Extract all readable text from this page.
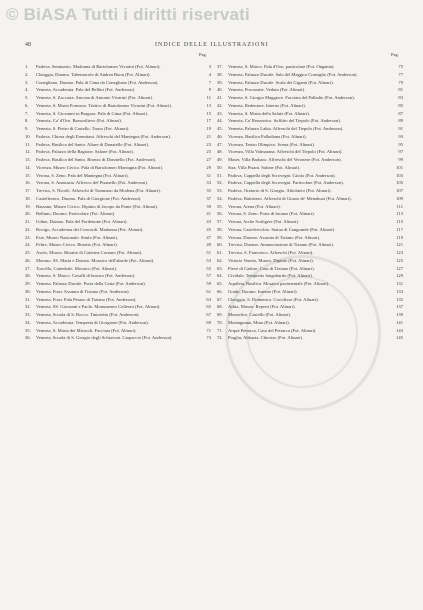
© BiASA Tutti i diritti riservati
48	INDICE DELLE ILLUSTRAZIONI
Pag.	Pag.
1.	Padova, Seminario. Madonna di Bartolomeo Vivarini (Fot. Alinari).	3
2.	Chioggia, Duomo. Tabernacolo di Andrea Buon (Fot. Alinari).	4
3.	Conegliano, Duomo. Pala di Cima da Conegliano (Fot. Anderson).	7
4.	Venezia, Accademia. Pala del Bellini (Fot. Anderson).	9
5.	Venezia, S. Zaccaria. Ancona di Antonio Vivarini (Fot. Alinari).	11
6.	Venezia, S. Maria Formosa. Trittico di Bartolomeo Vivarini (Fot. Alinari).	13
7.	Venezia, S. Giovanni in Bragora. Pala di Cima (Fot. Alinari).	15
8.	Venezia, Ca' d'Oro. Bassorilievo (Fot. Alinari).	17
9.	Venezia, S. Pietro di Castello. Trono (Fot. Alinari).	19
10.	Padova, Chiesa degli Eremitani. Affreschi del Mantegna (Fot. Anderson).	21
11.	Padova, Basilica del Santo. Altare di Donatello (Fot. Alinari).	23
12.	Padova, Palazzo della Ragione. Salone (Fot. Alinari).	25
13.	Padova, Basilica del Santo. Bronzo di Donatello (Fot. Anderson).	27
14.	Vicenza, Museo Civico. Pala di Bartolomeo Montagna (Fot. Alinari).	29
15.	Verona, S. Zeno. Pala del Mantegna (Fot. Alinari).	31
16.	Verona, S. Anastasia. Affresco del Pisanello (Fot. Anderson).	33
17.	Treviso, S. Nicolò. Affreschi di Tommaso da Modena (Fot. Alinari).	35
18.	Castelfranco, Duomo. Pala di Giorgione (Fot. Anderson).	37
19.	Bassano, Museo Civico. Dipinto di Jacopo da Ponte (Fot. Alinari).	39
20.	Belluno, Duomo. Particolare (Fot. Alinari).	41
21.	Udine, Duomo. Pala del Pordenone (Fot. Alinari).	43
22.	Rovigo, Accademia dei Concordi. Madonna (Fot. Alinari).	45
23.	Este, Museo Nazionale. Situla (Fot. Alinari).	47
24.	Feltre, Museo Civico. Ritratto (Fot. Alinari).	49
25.	Asolo, Museo. Ritratto di Caterina Cornaro (Fot. Alinari).	51
26.	Murano, SS. Maria e Donato. Mosaico dell'abside (Fot. Alinari).	53
27.	Torcello, Cattedrale. Mosaico (Fot. Alinari).	55
28.	Venezia, S. Marco. Cavalli di bronzo (Fot. Anderson).	57
29.	Venezia, Palazzo Ducale. Porta della Carta (Fot. Anderson).	59
30.	Venezia, Frari. Assunta di Tiziano (Fot. Anderson).	61
31.	Venezia, Frari. Pala Pesaro di Tiziano (Fot. Anderson).	63
32.	Venezia, SS. Giovanni e Paolo. Monumento Colleoni (Fot. Alinari).	65
33.	Venezia, Scuola di S. Rocco. Tintoretto (Fot. Anderson).	67
34.	Venezia, Accademia. Tempesta di Giorgione (Fot. Anderson).	69
35.	Venezia, S. Maria dei Miracoli. Facciata (Fot. Alinari).	71
36.	Venezia, Scuola di S. Giorgio degli Schiavoni. Carpaccio (Fot. Anderson).	73
37.	Venezia, S. Marco. Pala d'Oro, particolare (Fot. Ongania).	75
38.	Venezia, Palazzo Ducale. Sala del Maggior Consiglio (Fot. Anderson).	77
39.	Venezia, Palazzo Ducale. Scala dei Giganti (Fot. Alinari).	79
40.	Venezia, Procuratie. Veduta (Fot. Alinari).	81
41.	Venezia, S. Giorgio Maggiore. Facciata del Palladio (Fot. Anderson).	83
42.	Venezia, Redentore. Interno (Fot. Alinari).	85
43.	Venezia, S. Maria della Salute (Fot. Alinari).	87
44.	Venezia, Ca' Rezzonico. Soffitto del Tiepolo (Fot. Anderson).	89
45.	Venezia, Palazzo Labia. Affreschi del Tiepolo (Fot. Anderson).	91
46.	Vicenza, Basilica Palladiana (Fot. Alinari).	93
47.	Vicenza, Teatro Olimpico. Scena (Fot. Alinari).	95
48.	Vicenza, Villa Valmarana. Affreschi del Tiepolo (Fot. Alinari).	97
49.	Maser, Villa Barbaro. Affreschi del Veronese (Fot. Anderson).	99
50.	Stra, Villa Pisani. Salone (Fot. Alinari).	101
51.	Padova, Cappella degli Scrovegni. Giotto (Fot. Anderson).	103
52.	Padova, Cappella degli Scrovegni. Particolare (Fot. Anderson).	105
53.	Padova, Oratorio di S. Giorgio. Altichiero (Fot. Alinari).	107
54.	Padova, Battistero. Affreschi di Giusto de' Menabuoi (Fot. Alinari).	109
55.	Verona, Arena (Fot. Alinari).	111
56.	Verona, S. Zeno. Porta di bronzo (Fot. Alinari).	113
57.	Verona, Arche Scaligere (Fot. Alinari).	115
58.	Verona, Castelvecchio. Statua di Cangrande (Fot. Alinari).	117
59.	Verona, Duomo. Assunta di Tiziano (Fot. Alinari).	119
60.	Treviso, Duomo. Annunciazione di Tiziano (Fot. Alinari).	121
61.	Treviso, S. Francesco. Affreschi (Fot. Alinari).	123
62.	Vittorio Veneto, Museo. Dipinto (Fot. Alinari).	125
63.	Pieve di Cadore, Casa di Tiziano (Fot. Alinari).	127
64.	Cividale, Tempietto longobardo (Fot. Alinari).	129
65.	Aquileia, Basilica. Mosaico pavimentale (Fot. Alinari).	131
66.	Grado, Duomo. Interno (Fot. Alinari).	133
67.	Chioggia, S. Domenico. Crocifisso (Fot. Alinari).	135
68.	Adria, Museo. Reperti (Fot. Alinari).	137
69.	Monselice, Castello (Fot. Alinari).	139
70.	Montagnana, Mura (Fot. Alinari).	141
71.	Arquà Petrarca, Casa del Petrarca (Fot. Alinari).	143
72.	Praglia, Abbazia. Chiostro (Fot. Alinari).	145
